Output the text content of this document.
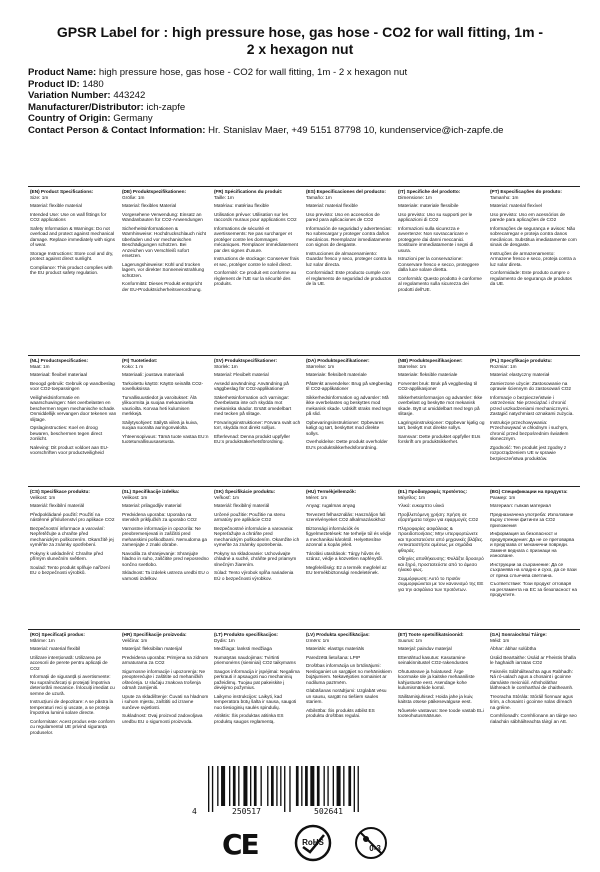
GPSR Label for : high pressure hose, gas hose - CO2 for wall fitting, 1m - 2 x hexagon nut
Product Name: high pressure hose, gas hose - CO2 for wall fitting, 1m - 2 x hexagon nut
Product ID: 1480
Variation Number: 443242
Manufacturer/Distributor: ich-zapfe
Country of Origin: Germany
Contact Person & Contact Information: Hr. Stanislav Maer, +49 5151 87798 10, kundenservice@ich-zapfe.de
(EN) Product Specifications:
Size: 1m
Material: flexible material
Intended Use: Use on wall fittings for CO2 applications
Safety Information & Warnings: Do not overload and protect against mechanical damage. Replace immediately with signs of wear.
Storage Instructions: Store cool and dry, protect against direct sunlight.
Compliance: This product complies with the EU product safety regulation.
(DE) Produktspezifikationen:
Größe: 1m
Material: flexibles Material
Vorgesehene Verwendung: Einsatz an Wandanbauten für CO2-Anwendungen
Sicherheitsinformationen & Warnhinweise: Hochdruckschlauch nicht überladen und vor mechanischen Beschädigungen schützen. Bei Anzeichen von Verschleiß sofort ersetzen.
Lagerungshinweise: Kühl und trocken lagern, vor direkter Sonneneinstrahlung schützen.
Konformität: Dieses Produkt entspricht der EU-Produktsicherheitsverordnung.
(FR) Spécifications du produit:
Taille: 1m
Matériau: matériau flexible
Utilisation prévue: Utilisation sur les raccords muraux pour applications CO2
Informations de sécurité et avertissements: Ne pas surcharger et protéger contre les dommages mécaniques. Remplacer immédiatement par des signes d'usure.
Instructions de stockage: Conserver frais et sec, protéger contre le soleil direct.
Conformité: Ce produit est conforme au règlement de l'UE sur la sécurité des produits.
(ES) Especificaciones del producto:
Tamaño: 1m
Material: material flexible
Uso previsto: Uso en accesorios de pared para aplicaciones de CO2
Información de seguridad y advertencias: No sobrecargar y proteger contra daños mecánicos. Reemplazar inmediatamente con signos de desgaste.
Instrucciones de almacenamiento: Guardar fresco y seco, proteger contra la luz solar directa.
Conformidad: Este producto cumple con el reglamento de seguridad de productos de la UE.
(IT) Specifiche del prodotto:
Dimensione: 1m
Materiale: materiale flessibile
Uso previsto: Uso su supporti per le applicazioni di CO2
Informazioni sulla sicurezza e avvertenze: Non sovraccaricare e proteggere dai danni meccanici. Sostituire immediatamente i segni di usura.
Istruzioni per la conservazione: Conservare fresco e secco, proteggere dalla luce solare diretta.
Conformità: Questo prodotto è conforme al regolamento sulla sicurezza dei prodotti dell'UE.
(PT) Especificações do produto:
Tamanho: 1m
Material: material flexível
Uso previsto: Uso em acessórios de parede para aplicações de CO2
Informações de segurança e avisos: Não sobrecarregar e proteja contra danos mecânicos. Substitua imediatamente com sinais de desgaste.
Instruções de armazenamento: Armazene fresco e seco, proteja contra a luz solar direta.
Conformidade: Este produto cumpre o regulamento de segurança de produtos da UE.
(NL) Productspecificaties:
Maat: 1m
Materiaal: flexibel materiaal
Beoogd gebruik: Gebruik op wandbeslag voor CO2-toepassingen
Veiligheidsinformatie en waarschuwingen: Niet overbelasten en beschermen tegen mechanische schade. Onmiddellijk vervangen door tekenen van slijtage.
Opslaginstructies: Koel en droog bewaren, beschermen tegen direct zonlicht.
Naleving: Dit product voldoet aan EU-voorschriften voor productveiligheid
(FI) Tuotetiedot:
Koko: 1 m
Materiaali: joustava materiaali
Tarkoitettu käyttö: Käyttö seinällä CO2-sovelluksissa
Turvallisuustiedot ja varoitukset: Älä ylikuormita ja suojaa mekaaniselta vaurioilta. Korvaa heti kulumisen merkkejä.
Säilytysohjeet: Säilytä viileä ja kuiva, suojaa suoralta auringonvalolta.
Yhteensopivuus: Tämä tuote vastaa EU:n tuoteturvallisuusasetusta.
(SV) Produktspecifikationer:
Storlek: 1m
Material: Flexibelt material
Avsedd användning: Användning på väggbeslag för CO2-applikationer
Säkerhetsinformation och varningar: Överbelasta inte och skydda mot mekaniska skador. Ersätt omedelbart med tecken på slitage.
Förvaringsinstruktioner: Förvara svalt och torr, skydda mot direkt solljus.
Efterlevnad: Denna produkt uppfyller EU:s produktsäkerhetsförordning.
(DA) Produktspecifikationer:
Størrelse: 1m
Materiale: fleksibelt materiale
Påtænkt anvendelse: Brug på vægbeslag til CO2-applikationer
Sikkerhedsinformation og advarsler: Må ikke overbelastes og beskyttes mod mekanisk skade. Udskift straks med tegn på slid.
Opbevaringsinstruktioner: Opbevares køligt og tørt, beskyttet mod direkte sollys.
Overholdelse: Dette produkt overholder EU's produktsikkerhedsforordning.
(NB) Produktspesifikasjoner:
Størrelse: 1m
Materiale: fleksible materiale
Forventet bruk: Bruk på veggbeslag til CO2-applikasjoner
Sikkerhetsinformasjon og advarsler: Ikke overbelast og beskytte mot mekanisk skade. Bytt ut umiddelbart med tegn på slitasje.
Lagringsinstruksjoner: Oppbevar kjølig og tørt, beskytt mot direkte sollys.
Samsvar: Dette produktet oppfyller EUs forskrift om produktsikkerhet.
(PL) Specyfikacje produktu:
Rozmiar: 1m
Materiał: elastyczny materiał
Zamierzone użycie: Zastosowanie na oprawie ściennym do zastosowań CO2
Informacje o bezpieczeństwie i ostrzeżenia: Nie przeciążać i chronić przed uszkodzeniami mechanicznymi. Zastąpić natychmiast oznakami zużycia.
Instrukcje przechowywania: Przechowywać w chłodnym i suchym, chronić przed bezpośrednim światłem słonecznym.
Zgodność: Ten produkt jest zgodny z rozporządzeniem UE w sprawie bezpieczeństwa produktów.
(CS) Specifikace produktu:
Velikost: 1m
Materiál: flexibilní materiál
Předpokládané použití: Použití na nástěnné příslušenství pro aplikace CO2
Bezpečnostní informace a varování: Nepřetěžujte a chraňte před mechanickým poškozením. Okamžitě jej vyměňte za známky opotřebení.
Pokyny k uskladnění: Chraňte před přímým slunečním světlem.
Soulad: Tento produkt splňuje nařízení EU o bezpečnosti výrobků.
(SL) Specifikacije izdelka:
Velikost: 1m
Material: prilagodljiv material
Predvidena uporaba: Uporaba na stenskih priključkih za uporabo CO2
Varnostne informacije in opozorila: Ne preobremenjevati in zaščititi pred mehanskimi poškodbami. Nemudoma ga zamenjajte z znaki obrabe.
Navodila za shranjevanje: Shranjujte hladno in suho, zaščitite pred neposredno sončno svetlobo.
Skladnost: Ta izdelek ustreza uredbi EU o varnosti izdelkov.
(SK) Špecifikácie produktu:
Veľkosť: 1m
Materiál: flexibilný materiál
Určené použitie: Použitie na stenu armatúry pre aplikácie CO2
Bezpečnostné informácie a varovania: Nepreťažujte a chráňte pred mechanickým poškodením. Okamžite ich vymeňte za známky opotrebenia.
Pokyny na skladovanie: Uchovávajte chladné a suché, chráňte pred priamym slnečným žiarením.
Súlad: Tento výrobok spĺňa nariadenia EÚ o bezpečnosti výrobkov.
(HU) Termékjellemzők:
Méret: 1m
Anyag: rugalmas anyag
Tervezett felhasználás: Használjon fali szerelvényeket CO2 alkalmazásokhoz
Biztonsági információk és figyelmeztetések: Ne terhelje túl és védje a mechanikai károktól. Helyettesítse azonnal a kopás jeleit.
Tárolási utasítások: Tárgy hűvös és száraz, védje a közvetlen napfénytől.
Megfelelőség: Ez a termék megfelel az EU termékbiztonsági rendeletének.
(EL) Προδιαγραφές προϊόντος:
Μέγεθος: 1m
Υλικό: ευκαμπτο υλικό
Προβλεπόμενη χρήση: Χρήση σε εξαρτήματα τοίχου για εφαρμογές CO2
Πληροφορίες ασφάλειας & προειδοποιήσεις: Μην υπερφορτώνετε και προστατεύστε από μηχανικές βλάβες. Αντικαταστήστε αμέσως με σημάδια φθοράς.
Οδηγίες αποθήκευσης: Φυλάξτε δροσερό και ξηρό, προστατεύστε από το άμεσο ηλιακό φως.
Συμμόρφωση: Αυτό το προϊόν συμμορφώνεται με τον κανονισμό της ΕΕ για την ασφάλεια των προϊόντων.
(BG) Спецификации на продукта:
Размер: 1m
Материал: гъвкав материал
Предназначена употреба: Използване върху стенни фитинги за CO2 приложения
Информация за безопасност и предупреждения: Да не се претоварва и предпазва от механични повреди. Заменя веднага с признаци на износване.
Инструкции за съхранение: Да се съхранява на хладно и сухо, да се пази от пряка слънчева светлина.
Съответствие: Този продукт отговаря на регламента на ЕС за безопасност на продуктите.
(RO) Specificații produs:
Mărime: 1m
Material: material flexibil
Utilizare intenționată: Utilizarea pe accesorii de perete pentru aplicații de CO2
Informații de siguranță și avertismente: Nu supraîncărcați și protejați împotriva deteriorării mecanice. Înlocuiți imediat cu semne de uzură.
Instrucțiuni de depozitare: A se păstra la temperaturi reci și uscate, a se proteja împotriva luminii solare directe.
Conformitate: Acest produs este conform cu regulamentul UE privind siguranța produselor.
(HR) Specifikacije proizvoda:
Veličina: 1m
Materijal: fleksibilan materijal
Predviđena uporaba: Primjena na zidnom armaturama za CO2
Sigurnosne informacije i upozorenja: Ne preopterećujte i zaštitite od mehaničkih oštećenja. U slučaju znakova trošenja odmah zamijeniti.
Upute za skladištenje: Čuvati na hladnom i suhom mjestu, zaštititi od izravne sunčeve svjetlosti.
Sukladnost: Ovaj proizvod zadovoljava uredbu EU o sigurnosti proizvoda.
(LT) Produkto specifikacijos:
Dydis: 1m
Medžiaga: lanksti medžiaga
Numatytas naudojimas: Tvirtinti priemonėms (sieniniai) CO2 taikymams
Saugos informacija ir įspėjimai: Negalima perkrauti ir apsaugoti nuo mechaninių pažeidimų. Tuojau pat pakeiskite į dėvėjimo požymius.
Laikymo instrukcijos: Laikyti, kad temperatūra būtų šalta ir sausa, saugoti nuo tiesioginių saulės spindulių.
Atitiktis: Šis produktas atitinka ES produktų saugos reglamentą.
(LV) Produkta specifikācijas:
Izmērs: 1m
Materiāls: elastīgs materiāls
Paredzētā lietošana: LPIP
Drošības informācija un brīdinājumi: Nesloganiet un sargājiet no mehāniskiem bojājumiem. Nekavējoties nomainiet ar nodiluma pazīmēm.
Glabāšanas norādījumi: Uzglabāt vēsu un sausu, sargāt no tiešiem saules stariem.
Atbilstība: Šis produkts atbilst ES produktu drošības regulai.
(ET) Toote spetsifikatsioonid:
Suurus: 1m
Materjal: painduv materjal
Ettenähtud kasutus: Kasutamine seinakinnitustel CO2-rakendustes
Ohutusteave ja hoiatused: Ärge koormake üle ja kaitske mehaaniliste kahjustuste eest. Asendage kohe kulumismärkide korral.
Säilitamisjuhised: Hoida jahe ja kuiv, kaitsta otsese päikesevalguse eest.
Nõuetele vastavus: See toode vastab ELi tooteohutusmääruse.
(GA) Sonraíochtaí Táirge:
Méid: 1m
Ábhar: ábhar solúbtha
Úsáid Beartaithe: Úsáid ar Fheistis bhalla le haghaidh iarratas CO2
Faisnéis Sábháilteachta agus Rabhadh: Ná ró-ualach agus a chosaint i gcoinne damáiste meicniúil. Athsholáthar láithreach le comharthaí de chaitheamh.
Treoracha Stórála: Stóráil fionnuar agus tirim, a chosaint i gcoinne solas díreach na gréine.
Comhlíonadh: Comhlíonann an táirge seo rialachán sábháilteachta táirgí an AE.
4	250517	502641
CE	RoHS
0-3
